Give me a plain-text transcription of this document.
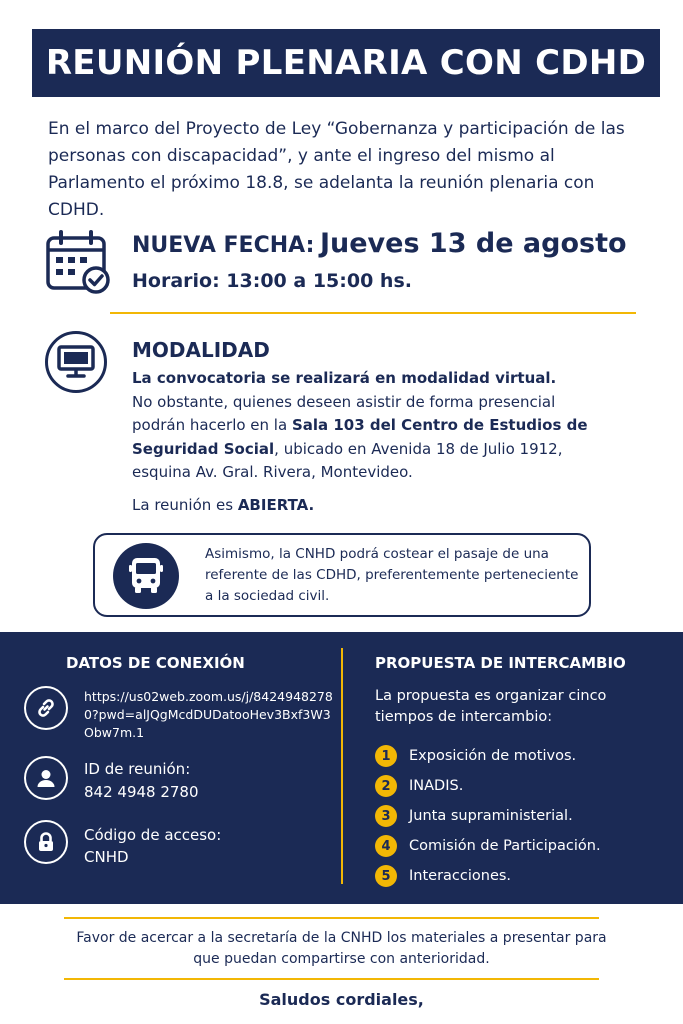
REUNIÓN PLENARIA CON CDHD

En el marco del Proyecto de Ley “Gobernanza y participación de las personas con discapacidad”, y ante el ingreso del mismo al Parlamento el próximo 18.8, se adelanta la reunión plenaria con CDHD.

NUEVA FECHA: Jueves 13 de agosto
Horario: 13:00 a 15:00 hs.
MODALIDAD
La convocatoria se realizará en modalidad virtual.
No obstante, quienes deseen asistir de forma presencial podrán hacerlo en la Sala 103 del Centro de Estudios de Seguridad Social, ubicado en Avenida 18 de Julio 1912, esquina Av. Gral. Rivera, Montevideo.
La reunión es ABIERTA.

Asimismo, la CNHD podrá costear el pasaje de una referente de las CDHD, preferentemente perteneciente a la sociedad civil.

DATOS DE CONEXIÓN
https://us02web.zoom.us/j/84249482780?pwd=alJQgMcdDUDatooHev3Bxf3W3Obw7m.1
ID de reunión:
842 4948 2780
Código de acceso:
CNHD
PROPUESTA DE INTERCAMBIO

La propuesta es organizar cinco tiempos de intercambio:

1	Exposición de motivos.
2	INADIS.
3	Junta supraministerial.
4	Comisión de Participación.
5	Interacciones.

Favor de acercar a la secretaría de la CNHD los materiales a presentar para que puedan compartirse con anterioridad.

Saludos cordiales,
